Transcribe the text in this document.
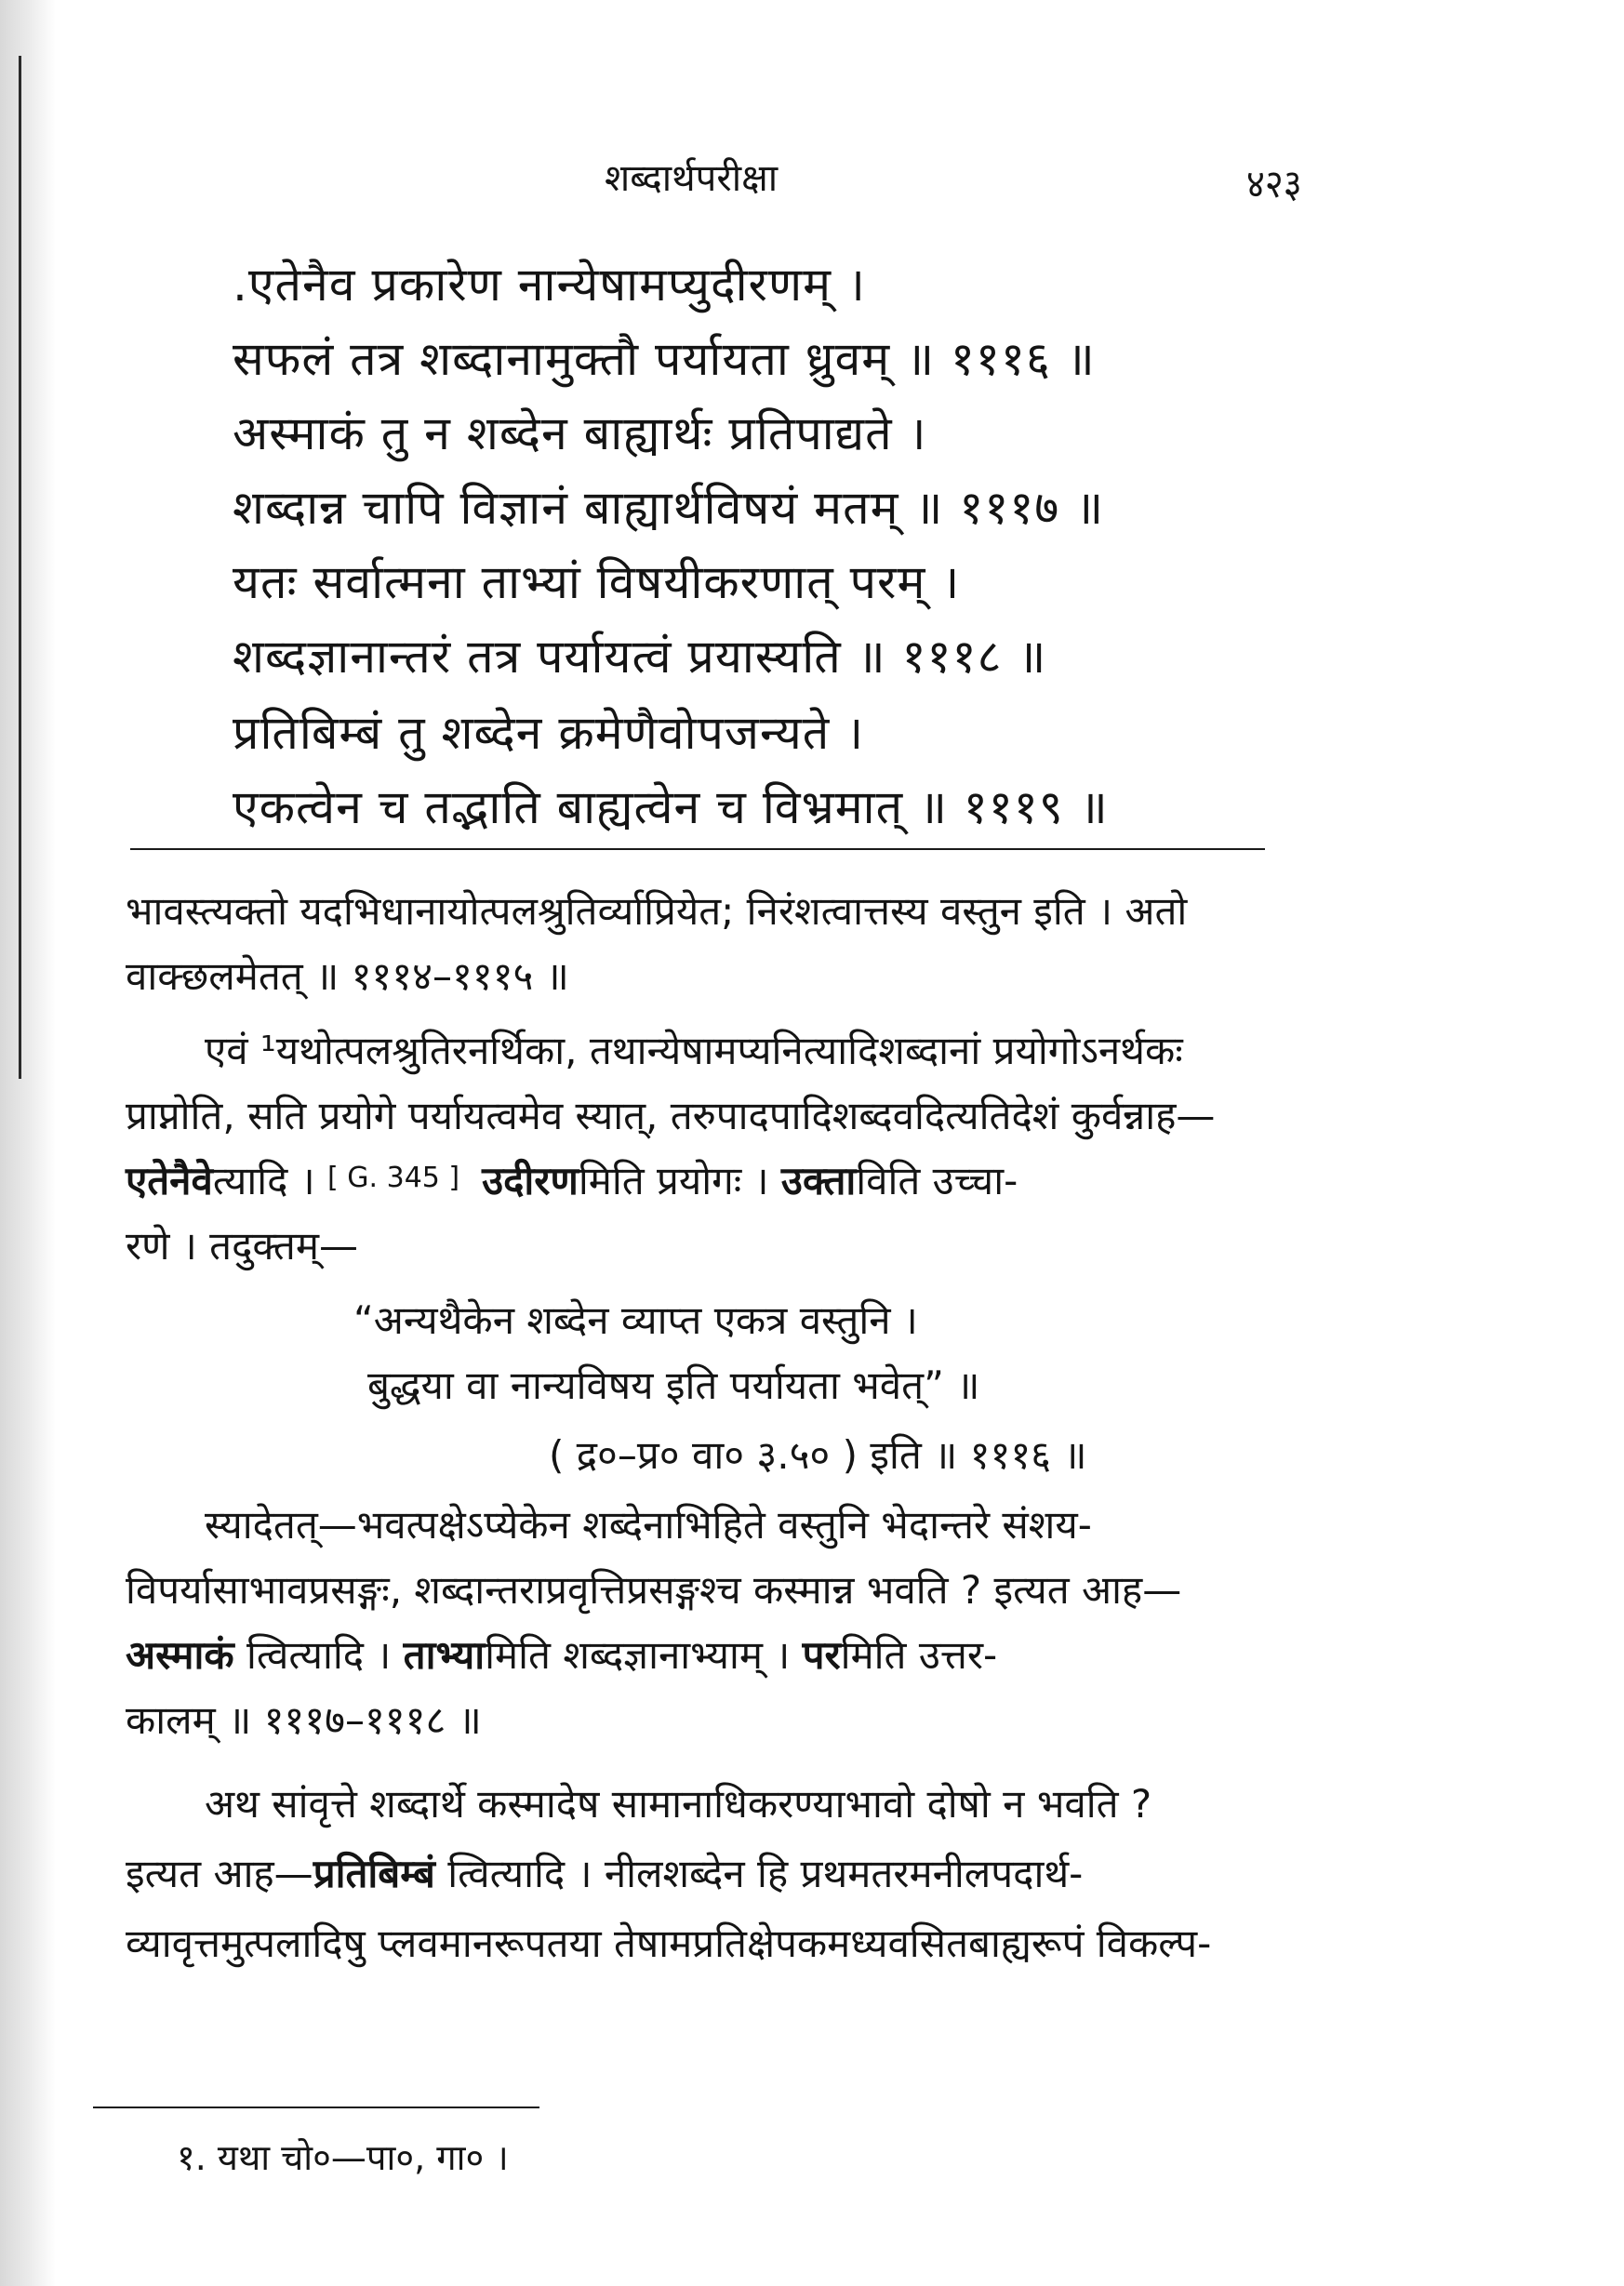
शब्दार्थपरीक्षा	४२३
.एतेनैव प्रकारेण नान्येषामप्युदीरणम् ।
सफलं तत्र शब्दानामुक्तौ पर्यायता ध्रुवम् ॥ १११६ ॥
अस्माकं तु न शब्देन बाह्यार्थः प्रतिपाद्यते ।
शब्दान्न चापि विज्ञानं बाह्यार्थविषयं मतम् ॥ १११७ ॥
यतः सर्वात्मना ताभ्यां विषयीकरणात् परम् ।
शब्दज्ञानान्तरं तत्र पर्यायत्वं प्रयास्यति ॥ १११८ ॥
प्रतिबिम्बं तु शब्देन क्रमेणैवोपजन्यते ।
एकत्वेन च तद्भाति बाह्यत्वेन च विभ्रमात् ॥ १११९ ॥
भावस्त्यक्तो यदभिधानायोत्पलश्रुतिर्व्याप्रियेत; निरंशत्वात्तस्य वस्तुन इति । अतो
वाक्छलमेतत् ॥ १११४–१११५ ॥
एवं ¹यथोत्पलश्रुतिरनर्थिका, तथान्येषामप्यनित्यादिशब्दानां प्रयोगोऽनर्थकः
प्राप्नोति, सति प्रयोगे पर्यायत्वमेव स्यात्, तरुपादपादिशब्दवदित्यतिदेशं कुर्वन्नाह—
एतेनैवेत्यादि । [ G. 345 ] उदीरणमिति प्रयोगः । उक्ताविति उच्चा-
रणे । तदुक्तम्—
“अन्यथैकेन शब्देन व्याप्त एकत्र वस्तुनि ।
बुद्धया वा नान्यविषय इति पर्यायता भवेत्” ॥
( द्र०–प्र० वा० ३.५० ) इति ॥ १११६ ॥
स्यादेतत्—भवत्पक्षेऽप्येकेन शब्देनाभिहिते वस्तुनि भेदान्तरे संशय-
विपर्यासाभावप्रसङ्गः, शब्दान्तराप्रवृत्तिप्रसङ्गश्च कस्मान्न भवति ? इत्यत आह—
अस्माकं त्वित्यादि । ताभ्यामिति शब्दज्ञानाभ्याम् । परमिति उत्तर-
कालम् ॥ १११७–१११८ ॥
अथ सांवृत्ते शब्दार्थे कस्मादेष सामानाधिकरण्याभावो दोषो न भवति ?
इत्यत आह—प्रतिबिम्बं त्वित्यादि । नीलशब्देन हि प्रथमतरमनीलपदार्थ-
व्यावृत्तमुत्पलादिषु प्लवमानरूपतया तेषामप्रतिक्षेपकमध्यवसितबाह्यरूपं विकल्प-
१. यथा चो०—पा०, गा० ।
